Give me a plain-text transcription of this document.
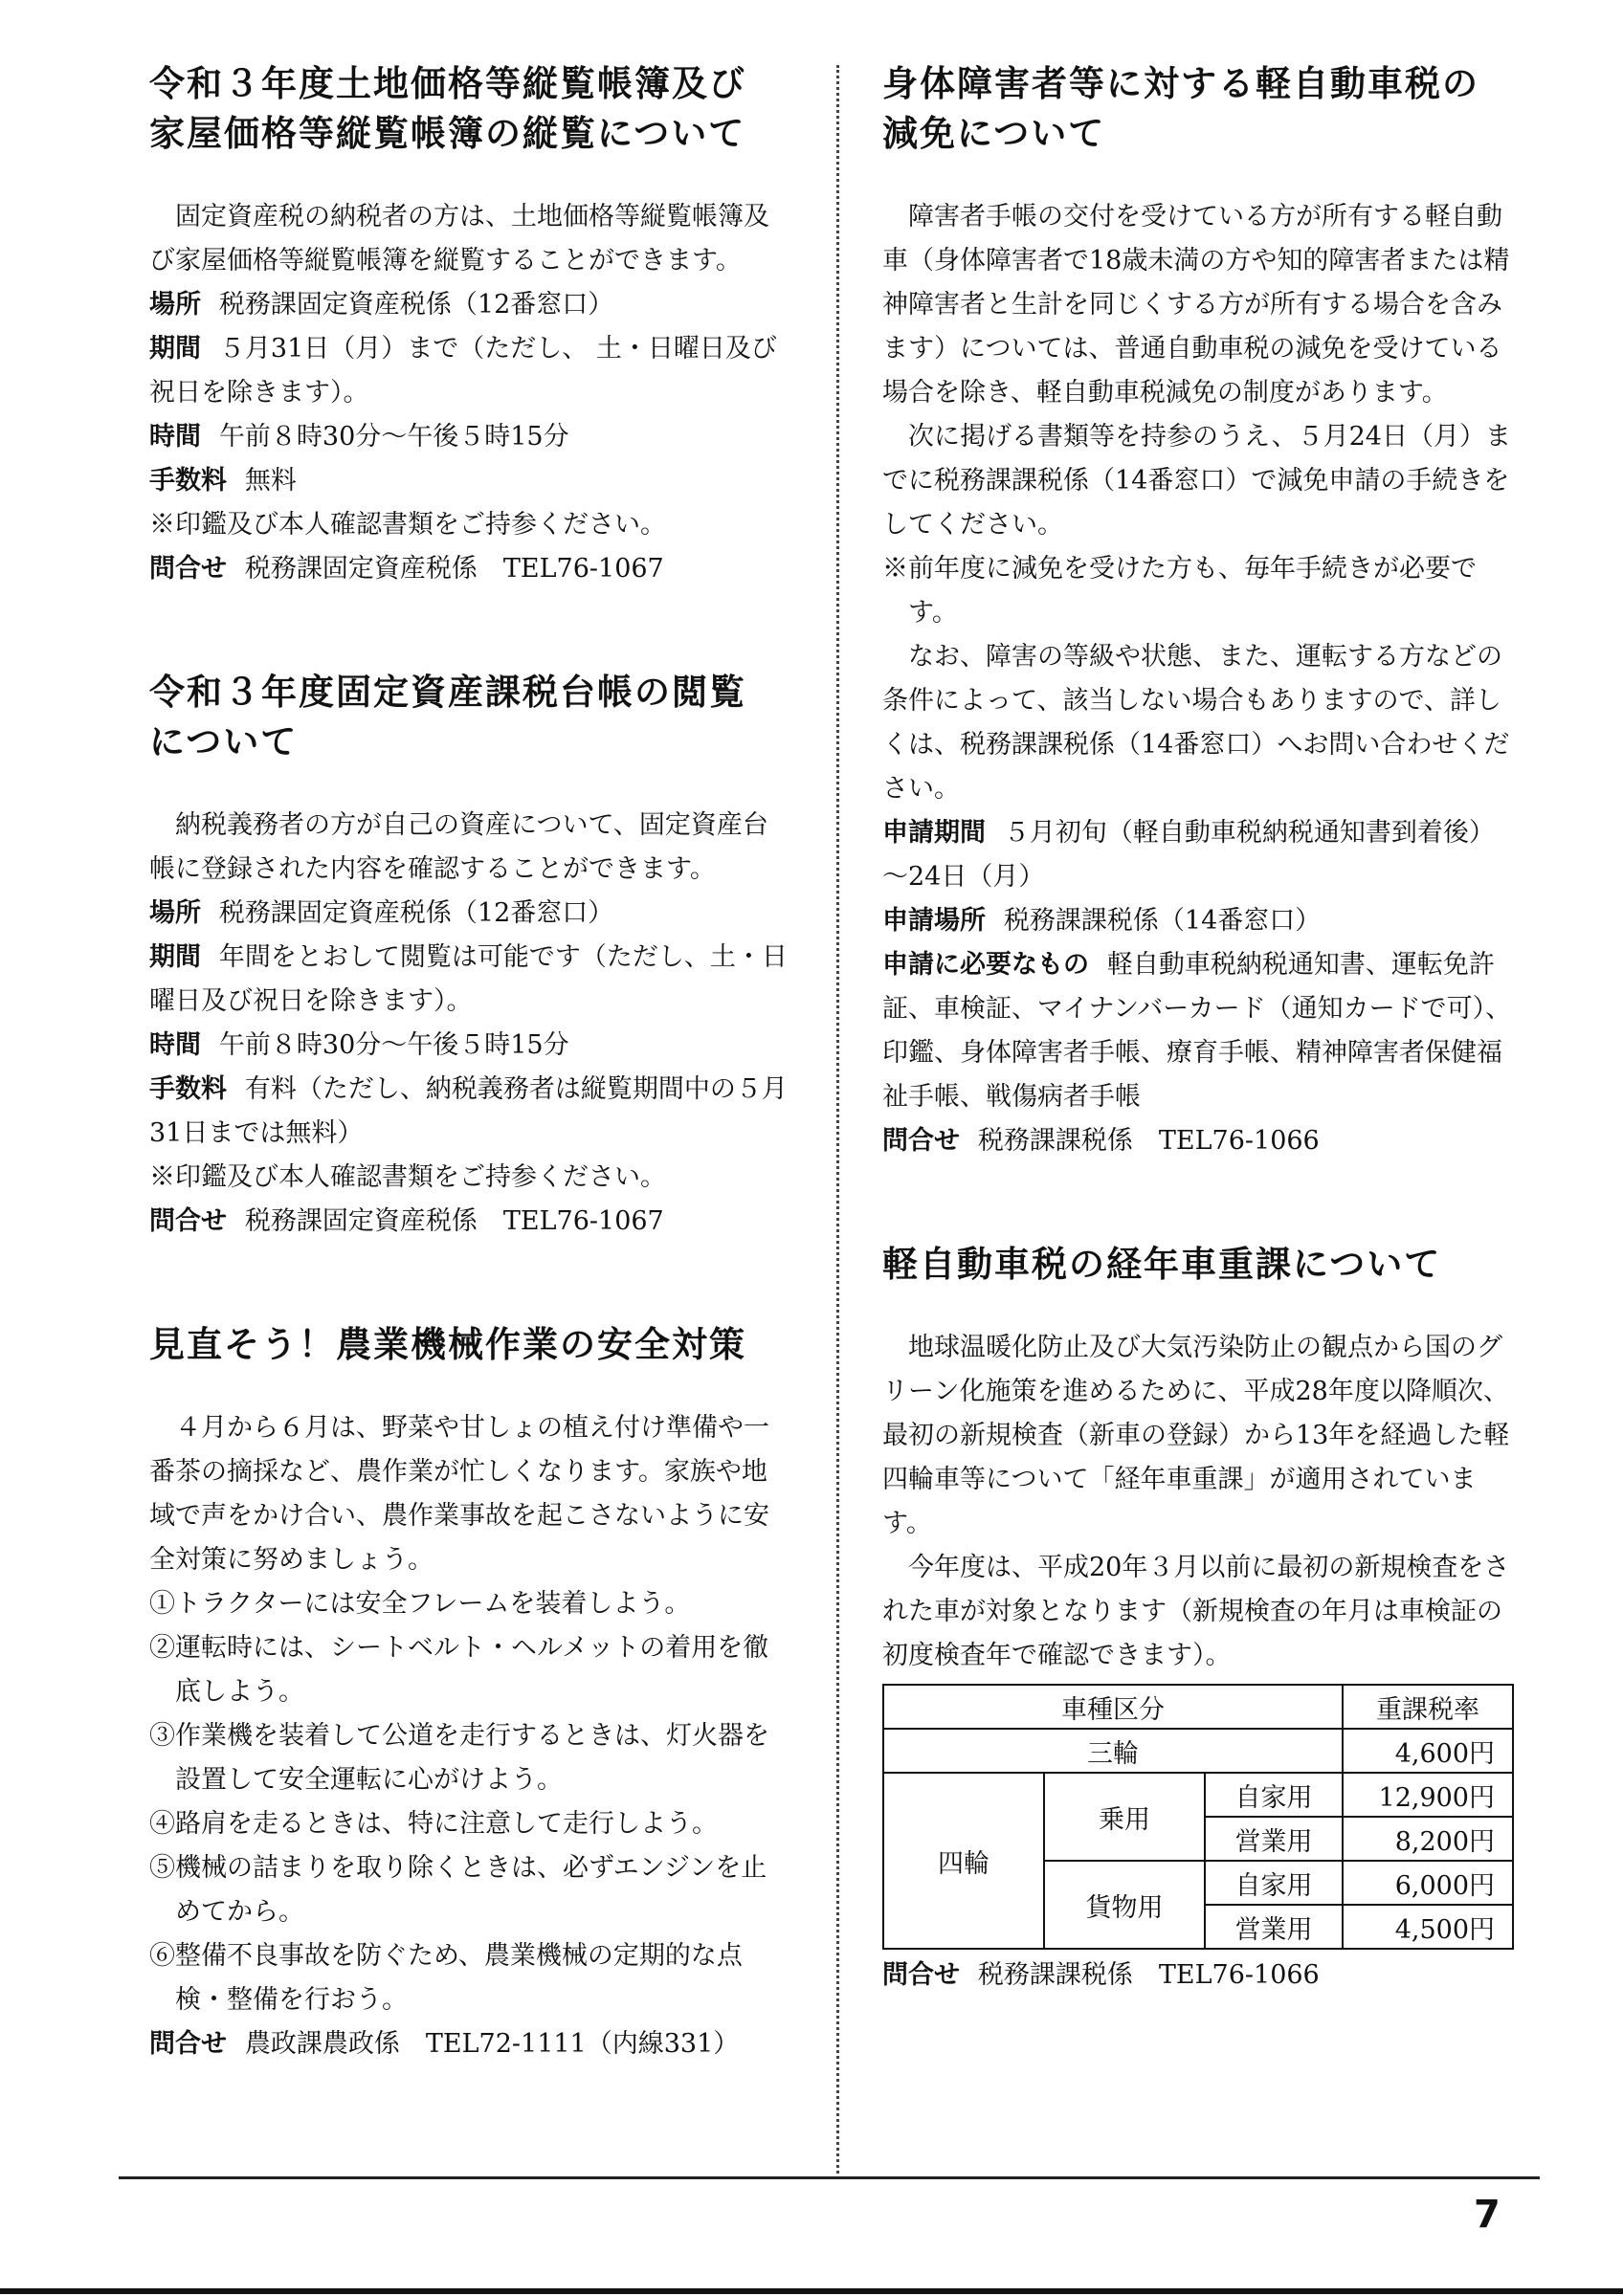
令和３年度土地価格等縦覧帳簿及び
家屋価格等縦覧帳簿の縦覧について

固定資産税の納税者の方は、土地価格等縦覧帳簿及び家屋価格等縦覧帳簿を縦覧することができます。

場所 税務課固定資産税係（12番窓口）

期間 ５月31日（月）まで（ただし、 土・日曜日及び祝日を除きます）。

時間 午前８時30分～午後５時15分

手数料 無料

※印鑑及び本人確認書類をご持参ください。

問合せ 税務課固定資産税係　TEL76-1067

令和３年度固定資産課税台帳の閲覧
について

納税義務者の方が自己の資産について、固定資産台帳に登録された内容を確認することができます。

場所 税務課固定資産税係（12番窓口）

期間 年間をとおして閲覧は可能です（ただし、土・日曜日及び祝日を除きます）。

時間 午前８時30分～午後５時15分

手数料 有料（ただし、納税義務者は縦覧期間中の５月31日までは無料）

※印鑑及び本人確認書類をご持参ください。

問合せ 税務課固定資産税係　TEL76-1067

見直そう！農業機械作業の安全対策

４月から６月は、野菜や甘しょの植え付け準備や一番茶の摘採など、農作業が忙しくなります。家族や地域で声をかけ合い、農作業事故を起こさないように安全対策に努めましょう。

①トラクターには安全フレームを装着しよう。

②運転時には、シートベルト・ヘルメットの着用を徹底しよう。

③作業機を装着して公道を走行するときは、灯火器を設置して安全運転に心がけよう。

④路肩を走るときは、特に注意して走行しよう。

⑤機械の詰まりを取り除くときは、必ずエンジンを止めてから。

⑥整備不良事故を防ぐため、農業機械の定期的な点検・整備を行おう。

問合せ 農政課農政係　TEL72-1111（内線331）

身体障害者等に対する軽自動車税の
減免について

障害者手帳の交付を受けている方が所有する軽自動車（身体障害者で18歳未満の方や知的障害者または精神障害者と生計を同じくする方が所有する場合を含みます）については、普通自動車税の減免を受けている場合を除き、軽自動車税減免の制度があります。

次に掲げる書類等を持参のうえ、５月24日（月）までに税務課課税係（14番窓口）で減免申請の手続きをしてください。

※前年度に減免を受けた方も、毎年手続きが必要です。

なお、障害の等級や状態、また、運転する方などの条件によって、該当しない場合もありますので、詳しくは、税務課課税係（14番窓口）へお問い合わせください。

申請期間 ５月初旬（軽自動車税納税通知書到着後）～24日（月）

申請場所 税務課課税係（14番窓口）

申請に必要なもの 軽自動車税納税通知書、運転免許証、車検証、マイナンバーカード（通知カードで可）、印鑑、身体障害者手帳、療育手帳、精神障害者保健福祉手帳、戦傷病者手帳

問合せ 税務課課税係　TEL76-1066

軽自動車税の経年車重課について

地球温暖化防止及び大気汚染防止の観点から国のグリーン化施策を進めるために、平成28年度以降順次、最初の新規検査（新車の登録）から13年を経過した軽四輪車等について「経年車重課」が適用されています。

今年度は、平成20年３月以前に最初の新規検査をされた車が対象となります（新規検査の年月は車検証の初度検査年で確認できます）。

車種区分			重課税率
三輪			4,600円
四輪	乗用	自家用	12,900円
		営業用	8,200円
	貨物用	自家用	6,000円
		営業用	4,500円

問合せ 税務課課税係　TEL76-1066

7
